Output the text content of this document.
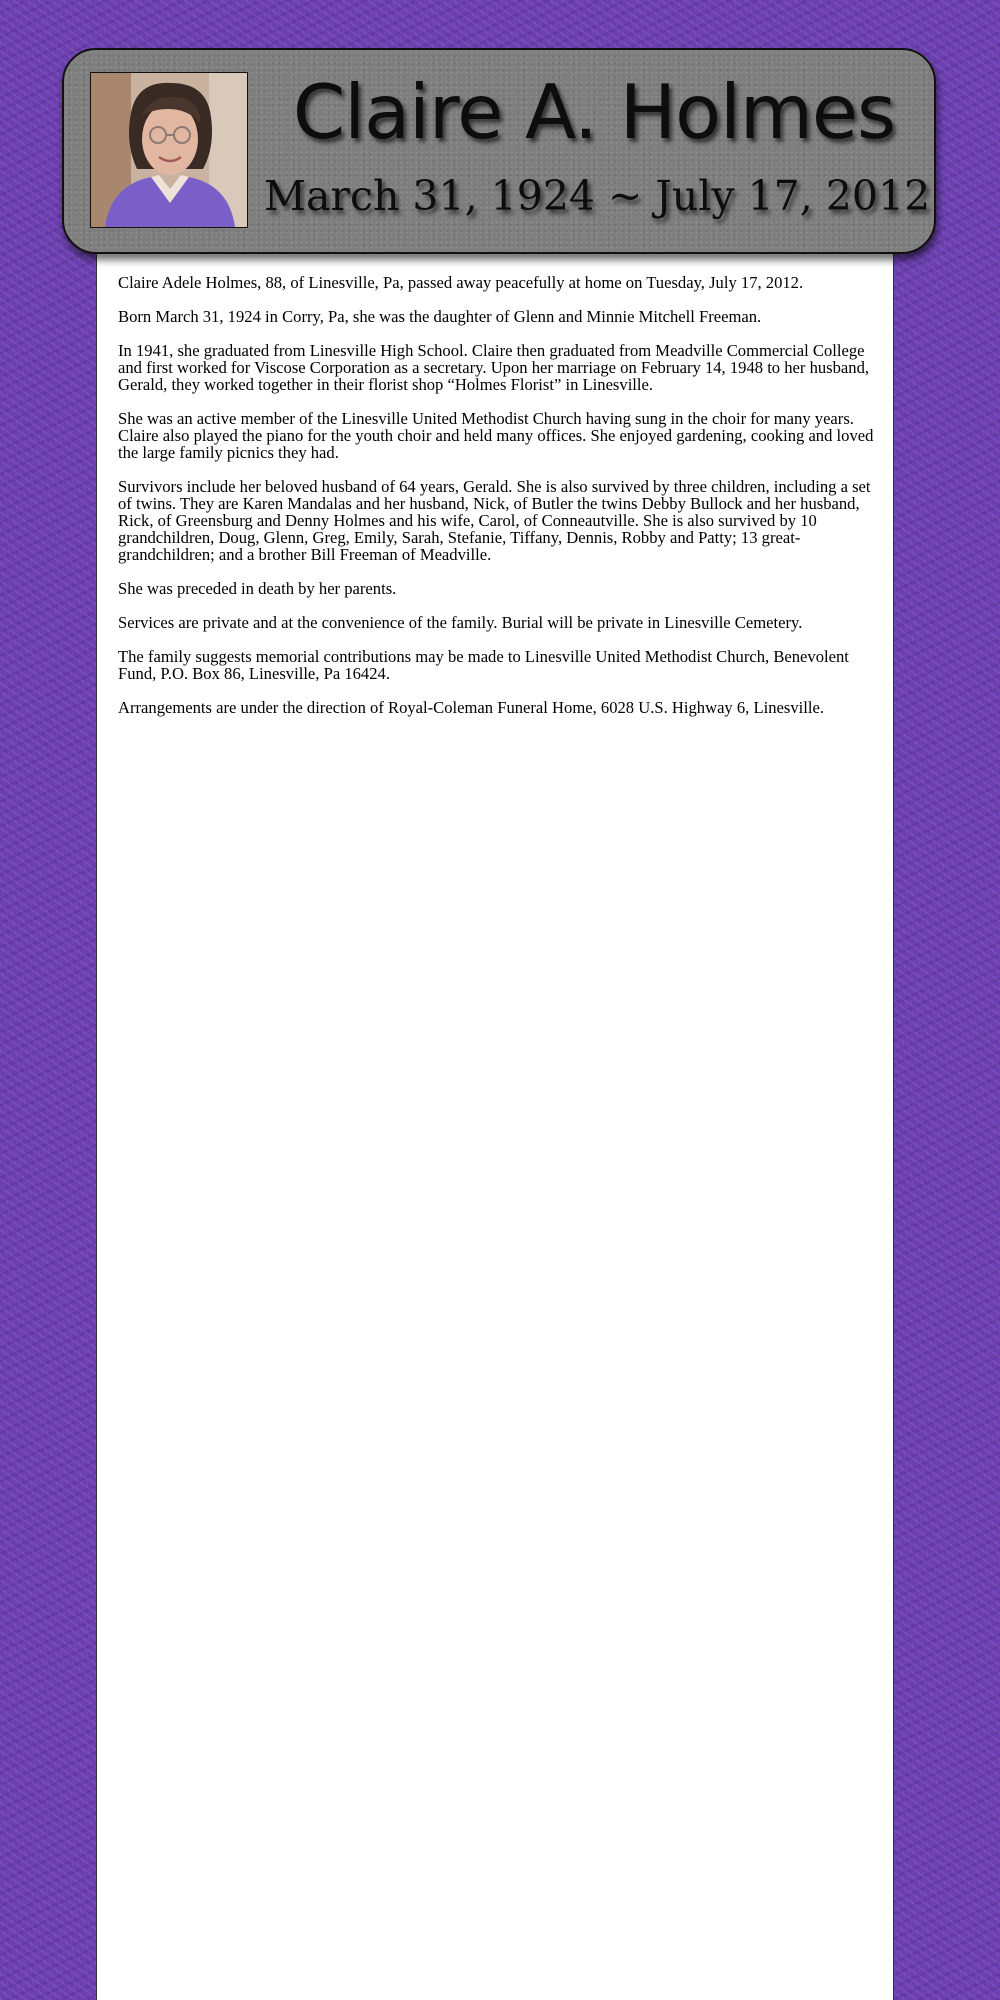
Claire A. Holmes
March 31, 1924 ~ July 17, 2012

Claire Adele Holmes, 88, of Linesville, Pa, passed away peacefully at home on Tuesday, July 17, 2012.

Born March 31, 1924 in Corry, Pa, she was the daughter of Glenn and Minnie Mitchell Freeman.

In 1941, she graduated from Linesville High School. Claire then graduated from Meadville Commercial College and first worked for Viscose Corporation as a secretary. Upon her marriage on February 14, 1948 to her husband, Gerald, they worked together in their florist shop “Holmes Florist” in Linesville.

She was an active member of the Linesville United Methodist Church having sung in the choir for many years. Claire also played the piano for the youth choir and held many offices. She enjoyed gardening, cooking and loved the large family picnics they had.

Survivors include her beloved husband of 64 years, Gerald. She is also survived by three children, including a set of twins. They are Karen Mandalas and her husband, Nick, of Butler the twins Debby Bullock and her husband, Rick, of Greensburg and Denny Holmes and his wife, Carol, of Conneautville. She is also survived by 10 grandchildren, Doug, Glenn, Greg, Emily, Sarah, Stefanie, Tiffany, Dennis, Robby and Patty; 13 great-grandchildren; and a brother Bill Freeman of Meadville.

She was preceded in death by her parents.

Services are private and at the convenience of the family. Burial will be private in Linesville Cemetery.

The family suggests memorial contributions may be made to Linesville United Methodist Church, Benevolent Fund, P.O. Box 86, Linesville, Pa 16424.

Arrangements are under the direction of Royal-Coleman Funeral Home, 6028 U.S. Highway 6, Linesville.
